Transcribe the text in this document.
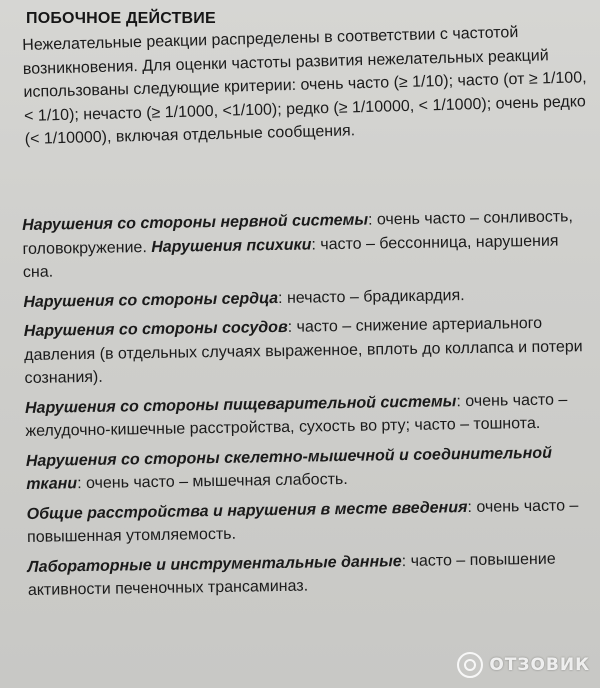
ПОБОЧНОЕ ДЕЙСТВИЕ

Нежелательные реакции распределены в соответствии с частотой возникновения. Для оценки частоты развития нежелательных реакций использованы следующие критерии: очень часто (≥ 1/10); часто (от ≥ 1/100, < 1/10); нечасто (≥ 1/1000, <1/100); редко (≥ 1/10000, < 1/1000); очень редко (< 1/10000), включая отдельные сообщения.

Нарушения со стороны нервной системы: очень часто – сонливость, головокружение. Нарушения психики: часто – бессонница, нарушения сна.

Нарушения со стороны сердца: нечасто – брадикардия.

Нарушения со стороны сосудов: часто – снижение артериального давления (в отдельных случаях выраженное, вплоть до коллапса и потери сознания).

Нарушения со стороны пищеварительной системы: очень часто – желудочно-кишечные расстройства, сухость во рту; часто – тошнота.

Нарушения со стороны скелетно-мышечной и соединительной ткани: очень часто – мышечная слабость.

Общие расстройства и нарушения в месте введения: очень часто – повышенная утомляемость.

Лабораторные и инструментальные данные: часто – повышение активности печеночных трансаминаз.

ОТЗОВИК
